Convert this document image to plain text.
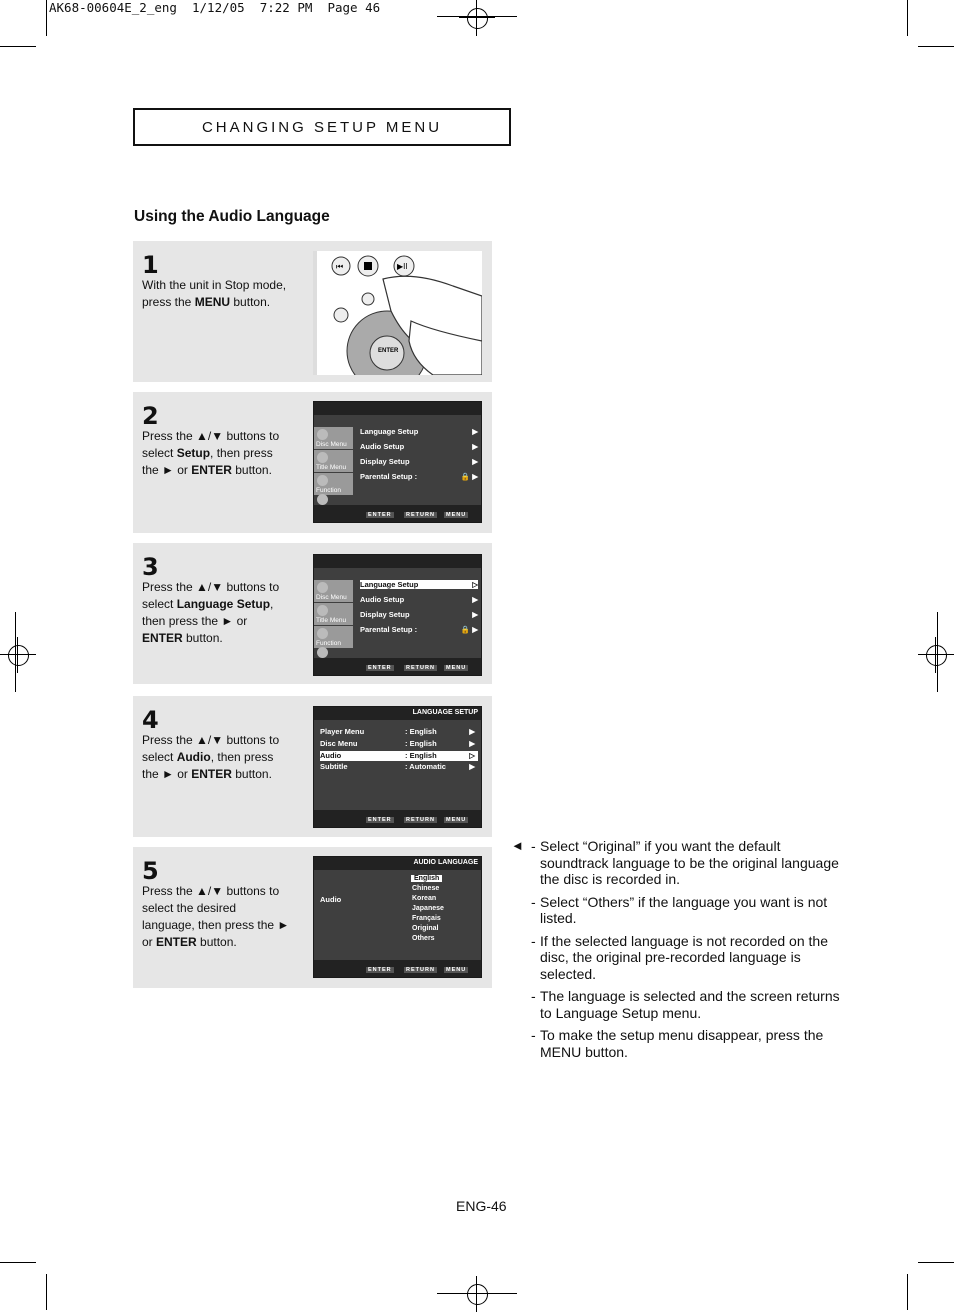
AK68-00604E_2_eng  1/12/05  7:22 PM  Page 46
CHANGING SETUP MENU
Using the Audio Language
1
With the unit in Stop mode, press the MENU button.
⏮	▶II
ENTER
2
Press the ▲/▼ buttons to select Setup, then press the ► or ENTER button.
Disc Menu
Title Menu
Function
Language Setup	▶
Audio Setup	▶
Display Setup	▶
Parental Setup :	🔒 ▶
ENTER	RETURN	MENU
3
Press the ▲/▼ buttons to select Language Setup, then press the ► or ENTER button.
Disc Menu
Title Menu
Function
Language Setup	▷
Audio Setup	▶
Display Setup	▶
Parental Setup :	🔒 ▶
ENTER	RETURN	MENU
4
Press the ▲/▼ buttons to select Audio, then press the ► or ENTER button.
LANGUAGE SETUP
Player Menu	: English	▶
Disc Menu	: English	▶
Audio	: English	▷
Subtitle	: Automatic	▶
ENTER	RETURN	MENU
5
Press the ▲/▼ buttons to select the desired language, then press the ► or ENTER button.
AUDIO LANGUAGE
Audio
English
Chinese
Korean
Japanese
Français
Original
Others
ENTER	RETURN	MENU
◄ - Select “Original” if you want the default soundtrack language to be the original language the disc is recorded in.
- Select “Others” if the language you want is not listed.
- If the selected language is not recorded on the disc, the original pre-recorded language is selected.
- The language is selected and the screen returns to Language Setup menu.
- To make the setup menu disappear, press the MENU button.
ENG-46
